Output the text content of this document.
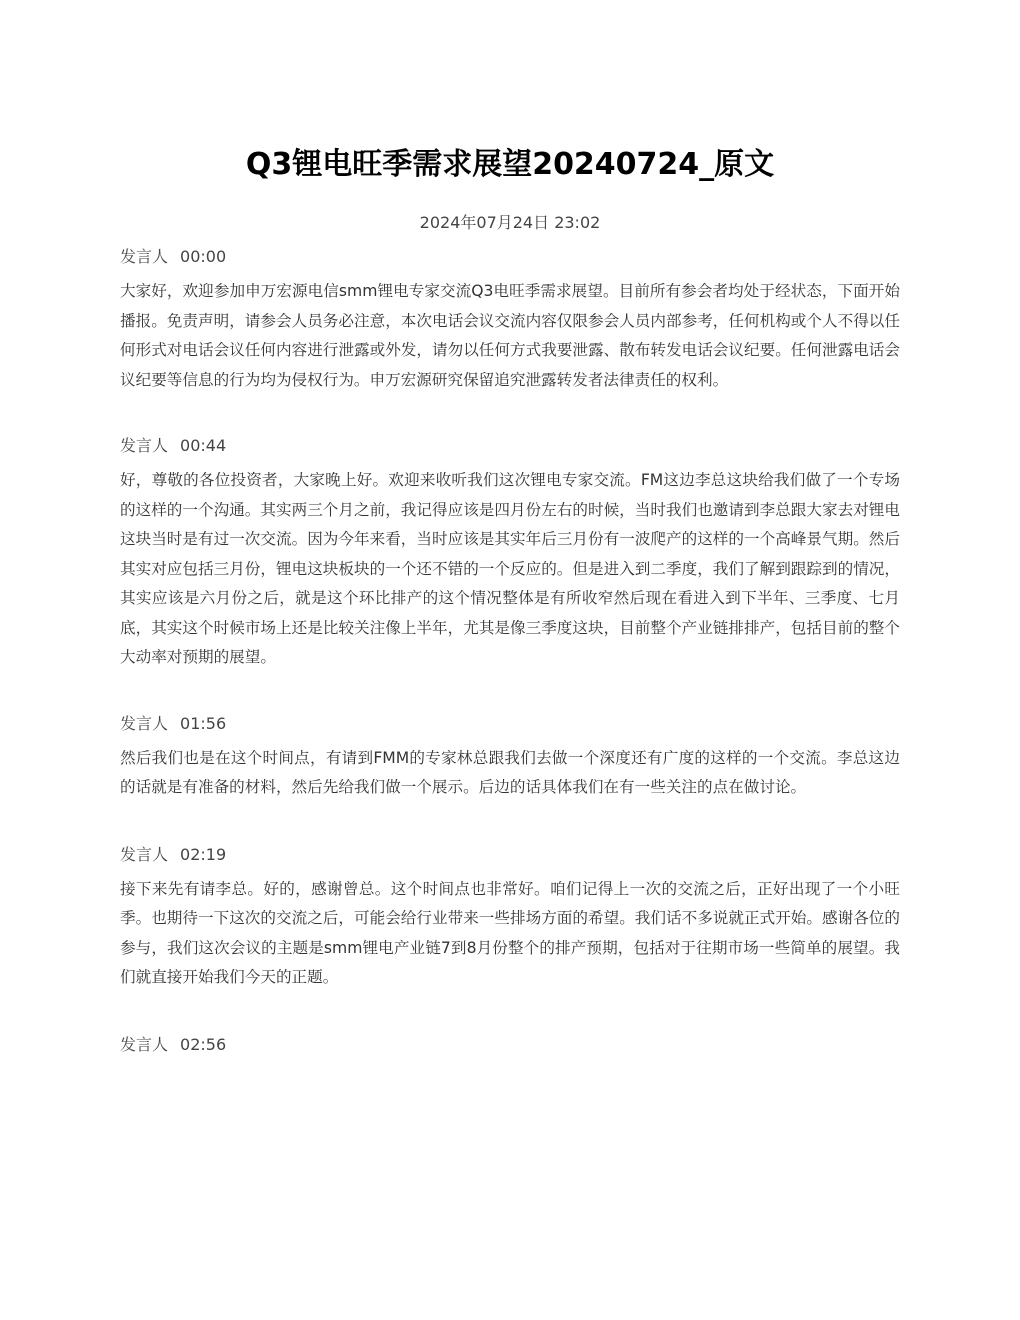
Q3锂电旺季需求展望20240724_原文
2024年07月24日 23:02
发言人 00:00
大家好，欢迎参加申万宏源电信smm锂电专家交流Q3电旺季需求展望。目前所有参会者均处于经状态，下面开始播报。免责声明，请参会人员务必注意，本次电话会议交流内容仅限参会人员内部参考，任何机构或个人不得以任何形式对电话会议任何内容进行泄露或外发，请勿以任何方式我要泄露、散布转发电话会议纪要。任何泄露电话会议纪要等信息的行为均为侵权行为。申万宏源研究保留追究泄露转发者法律责任的权利。
发言人 00:44
好，尊敬的各位投资者，大家晚上好。欢迎来收听我们这次锂电专家交流。FM这边李总这块给我们做了一个专场的这样的一个沟通。其实两三个月之前，我记得应该是四月份左右的时候，当时我们也邀请到李总跟大家去对锂电这块当时是有过一次交流。因为今年来看，当时应该是其实年后三月份有一波爬产的这样的一个高峰景气期。然后其实对应包括三月份，锂电这块板块的一个还不错的一个反应的。但是进入到二季度，我们了解到跟踪到的情况，其实应该是六月份之后，就是这个环比排产的这个情况整体是有所收窄然后现在看进入到下半年、三季度、七月底，其实这个时候市场上还是比较关注像上半年，尤其是像三季度这块，目前整个产业链排排产，包括目前的整个大动率对预期的展望。
发言人 01:56
然后我们也是在这个时间点，有请到FMM的专家林总跟我们去做一个深度还有广度的这样的一个交流。李总这边的话就是有准备的材料，然后先给我们做一个展示。后边的话具体我们在有一些关注的点在做讨论。
发言人 02:19
接下来先有请李总。好的，感谢曾总。这个时间点也非常好。咱们记得上一次的交流之后，正好出现了一个小旺季。也期待一下这次的交流之后，可能会给行业带来一些排场方面的希望。我们话不多说就正式开始。感谢各位的参与，我们这次会议的主题是smm锂电产业链7到8月份整个的排产预期，包括对于往期市场一些简单的展望。我们就直接开始我们今天的正题。
发言人 02:56
